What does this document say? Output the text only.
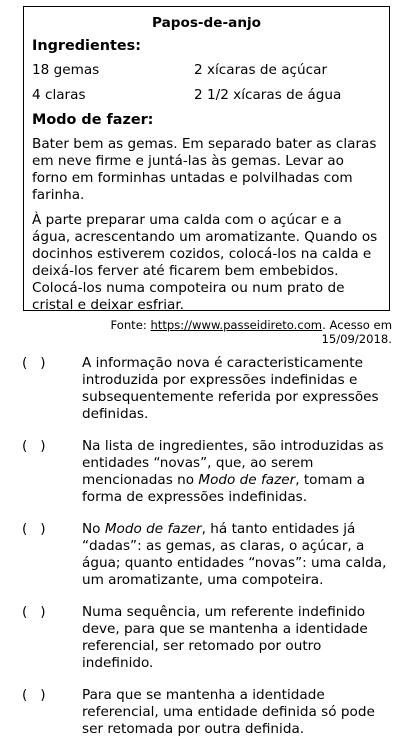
Papos-de-anjo
Ingredientes:
18 gemas	2 xícaras de açúcar
4 claras	2 1/2 xícaras de água
Modo de fazer:
Bater bem as gemas. Em separado bater as claras em neve firme e juntá-las às gemas. Levar ao forno em forminhas untadas e polvilhadas com farinha.
À parte preparar uma calda com o açúcar e a água, acrescentando um aromatizante. Quando os docinhos estiverem cozidos, colocá-los na calda e deixá-los ferver até ficarem bem embebidos. Colocá-los numa compoteira ou num prato de cristal e deixar esfriar.
Fonte: https://www.passeidireto.com. Acesso em 15/09/2018.
(   )	A informação nova é caracteristicamente introduzida por expressões indefinidas e subsequentemente referida por expressões definidas.
(   )	Na lista de ingredientes, são introduzidas as entidades “novas”, que, ao serem mencionadas no Modo de fazer, tomam a forma de expressões indefinidas.
(   )	No Modo de fazer, há tanto entidades já “dadas”: as gemas, as claras, o açúcar, a água; quanto entidades “novas”: uma calda, um aromatizante, uma compoteira.
(   )	Numa sequência, um referente indefinido deve, para que se mantenha a identidade referencial, ser retomado por outro indefinido.
(   )	Para que se mantenha a identidade referencial, uma entidade definida só pode ser retomada por outra definida.
